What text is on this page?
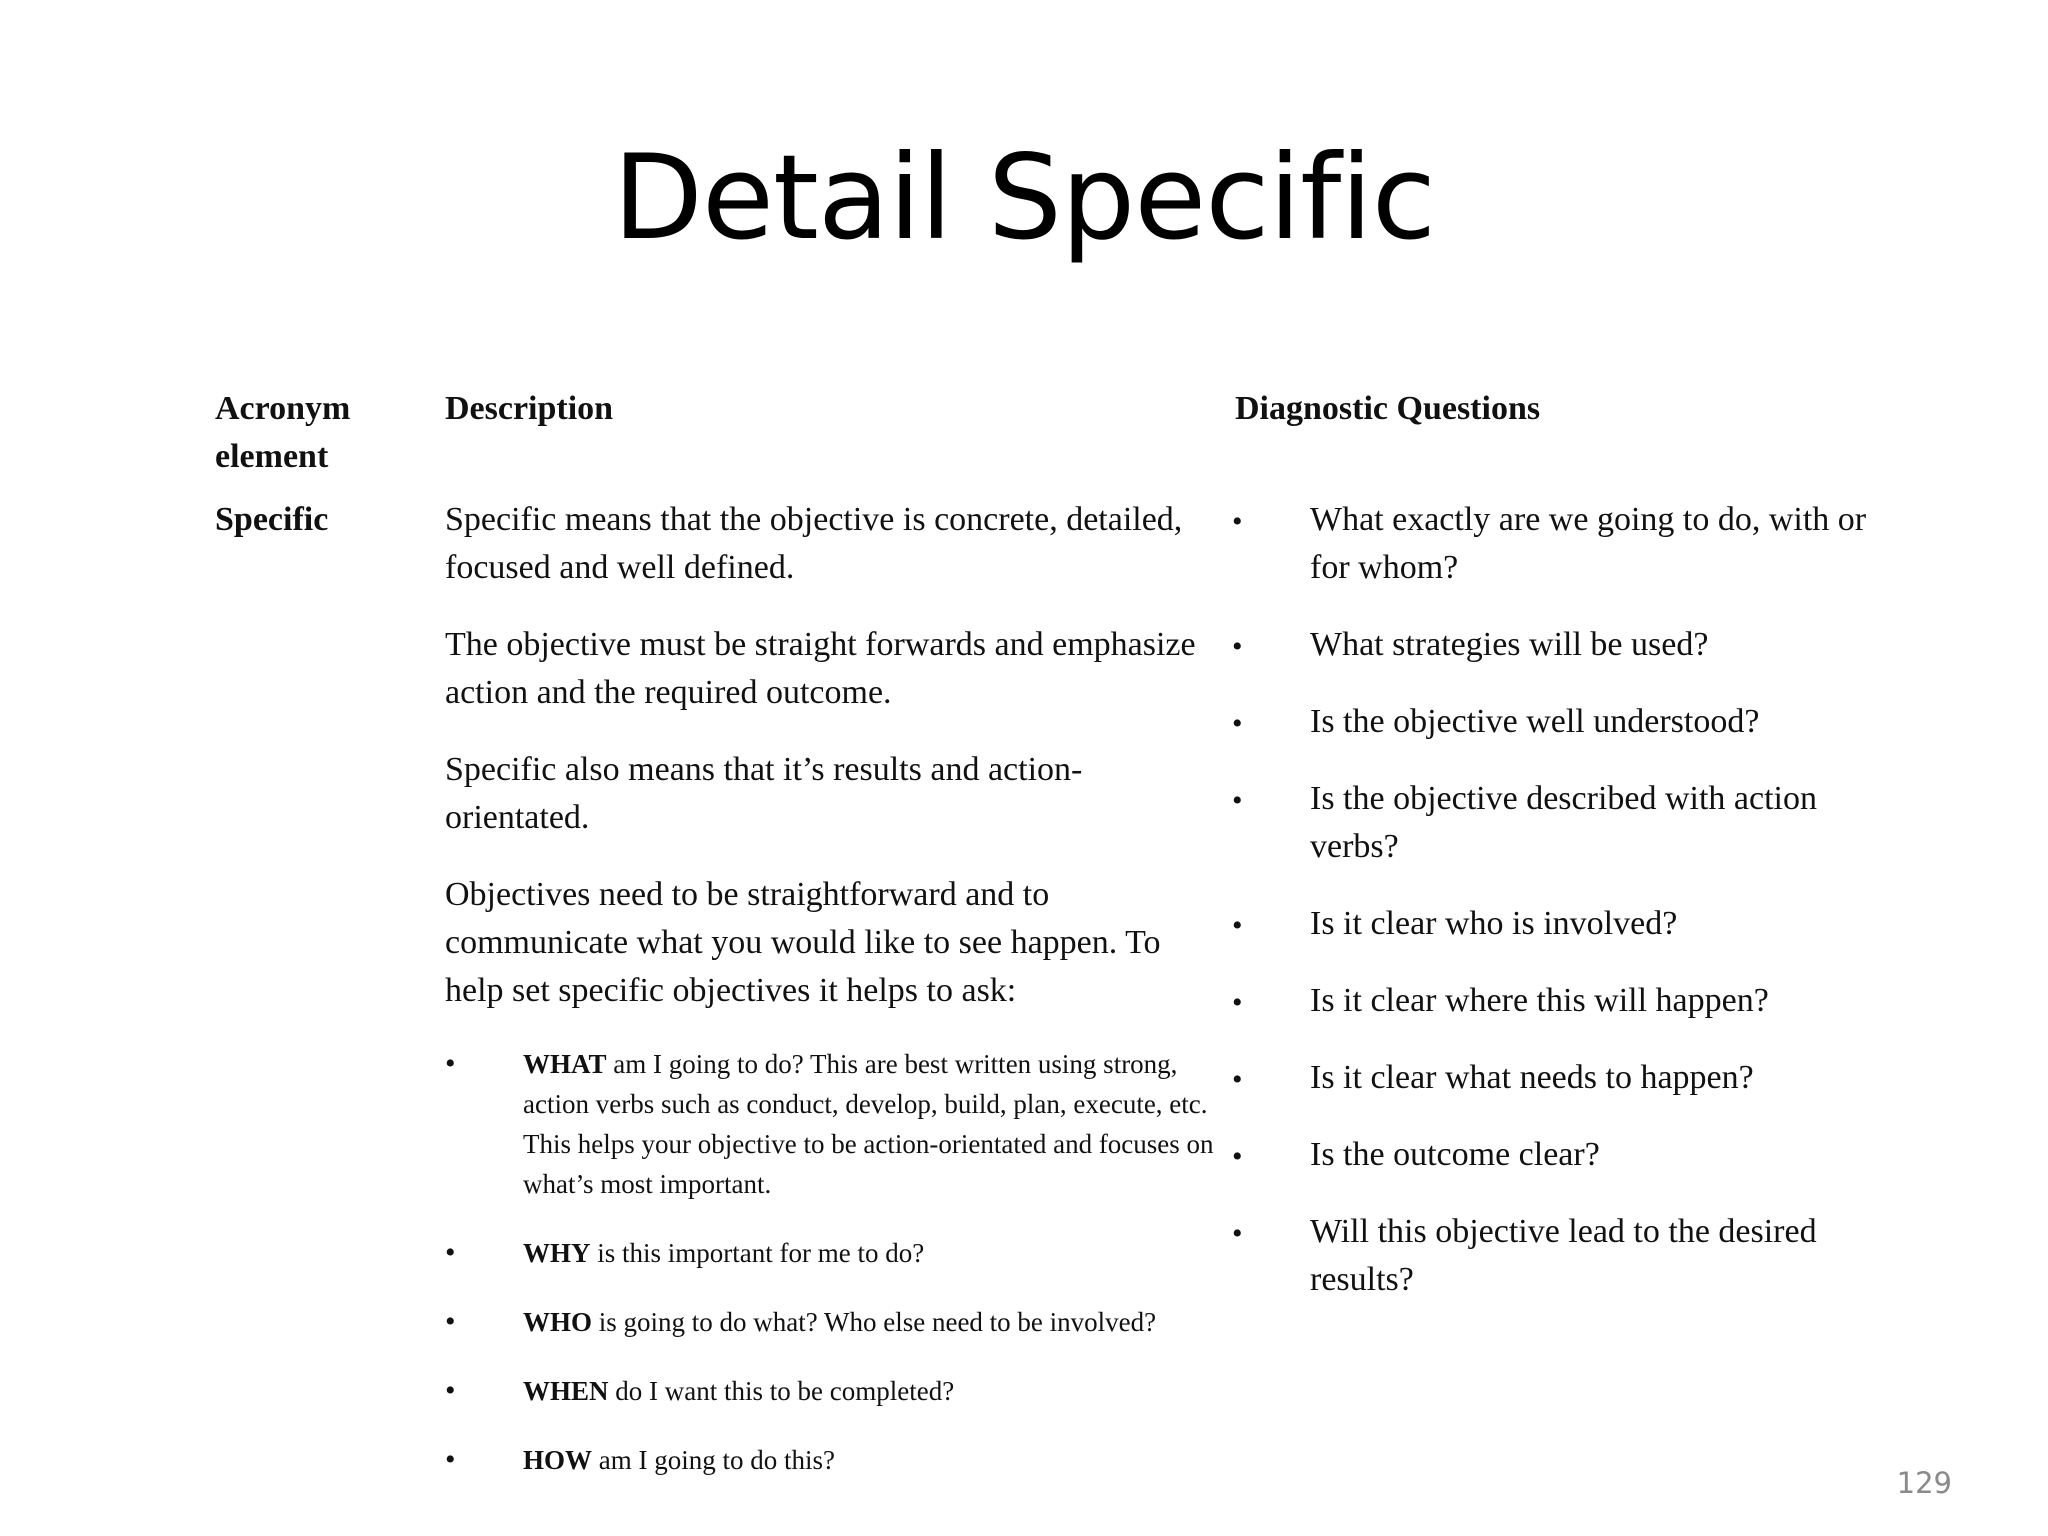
Detail Specific
Acronym element
Description	Diagnostic Questions
Specific	Specific means that the objective is concrete, detailed, focused and well defined.

The objective must be straight forwards and emphasize action and the required outcome.

Specific also means that it’s results and action-orientated.

Objectives need to be straightforward and to communicate what you would like to see happen. To help set specific objectives it helps to ask:

• WHAT am I going to do? This are best written using strong, action verbs such as conduct, develop, build, plan, execute, etc. This helps your objective to be action-orientated and focuses on what’s most important.
• WHY is this important for me to do?
• WHO is going to do what? Who else need to be involved?
• WHEN do I want this to be completed?
• HOW am I going to do this?
• What exactly are we going to do, with or for whom?
• What strategies will be used?
• Is the objective well understood?
• Is the objective described with action verbs?
• Is it clear who is involved?
• Is it clear where this will happen?
• Is it clear what needs to happen?
• Is the outcome clear?
• Will this objective lead to the desired results?
129
